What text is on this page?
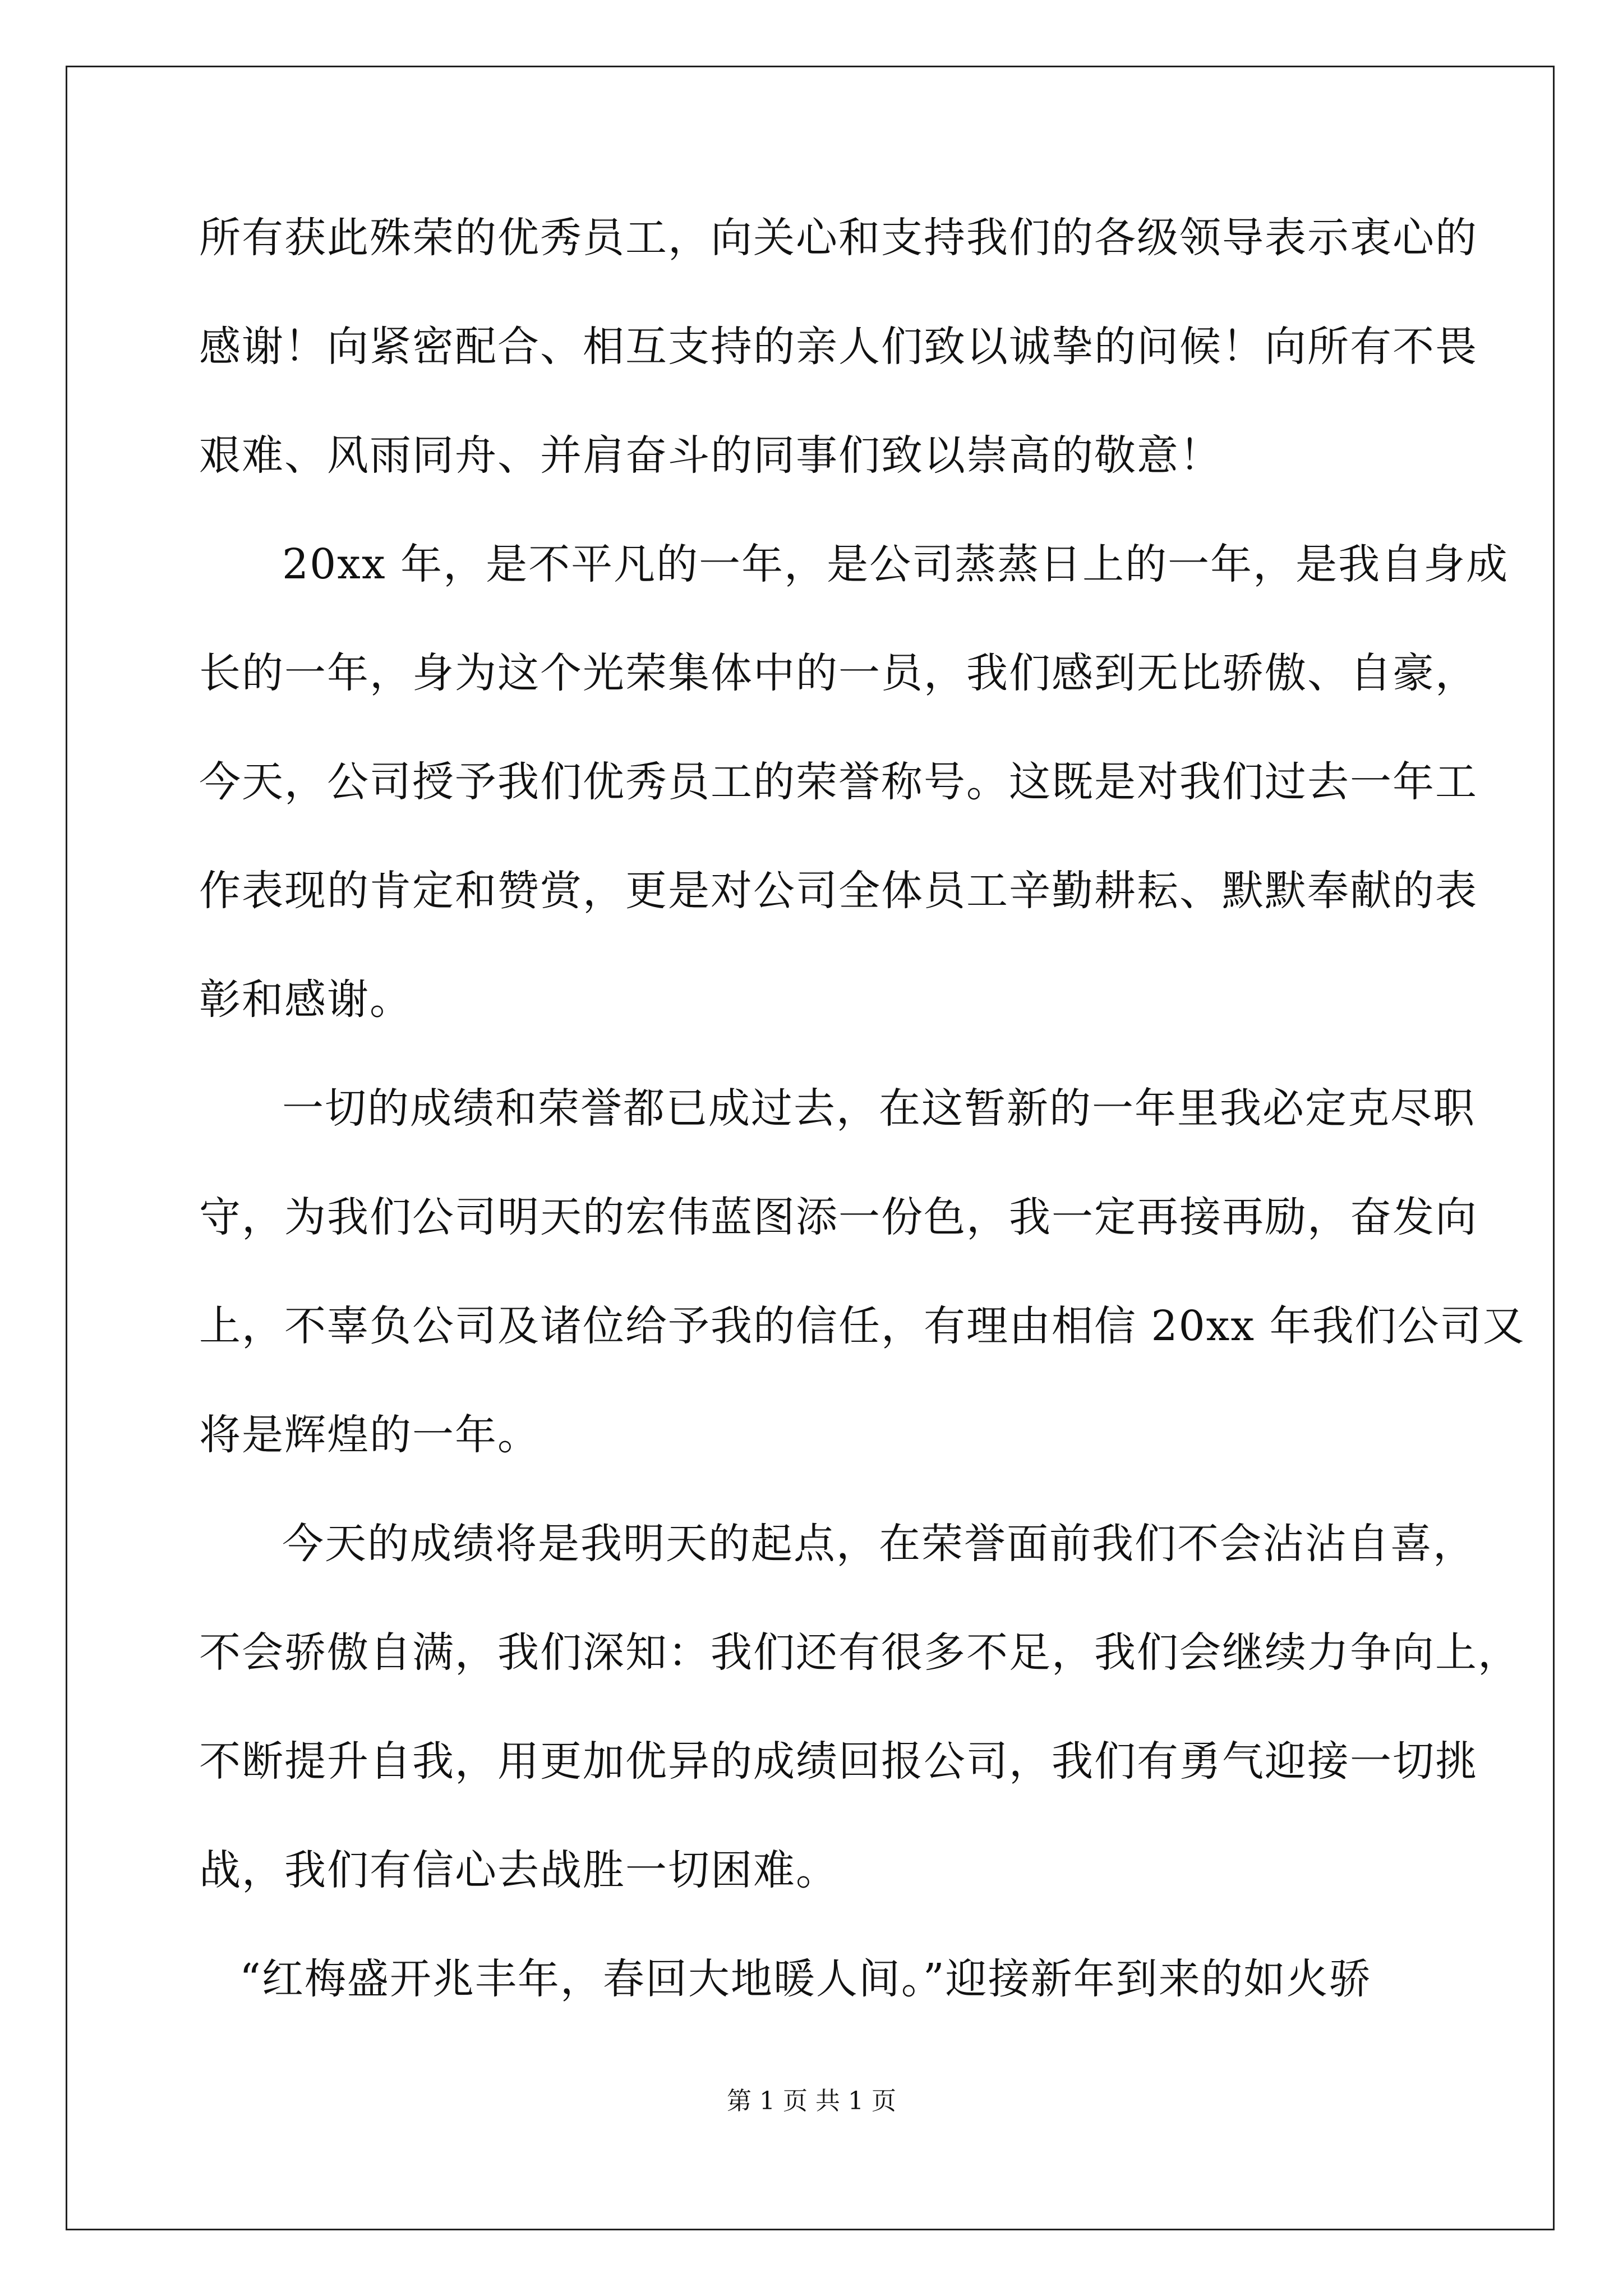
所有获此殊荣的优秀员工，向关心和支持我们的各级领导表示衷心的
感谢！向紧密配合、相互支持的亲人们致以诚挚的问候！向所有不畏
艰难、风雨同舟、并肩奋斗的同事们致以崇高的敬意！
20xx 年，是不平凡的一年，是公司蒸蒸日上的一年，是我自身成
长的一年，身为这个光荣集体中的一员，我们感到无比骄傲、自豪，
今天，公司授予我们优秀员工的荣誉称号。这既是对我们过去一年工
作表现的肯定和赞赏，更是对公司全体员工辛勤耕耘、默默奉献的表
彰和感谢。
一切的成绩和荣誉都已成过去，在这暂新的一年里我必定克尽职
守，为我们公司明天的宏伟蓝图添一份色，我一定再接再励，奋发向
上，不辜负公司及诸位给予我的信任，有理由相信 20xx 年我们公司又
将是辉煌的一年。
今天的成绩将是我明天的起点，在荣誉面前我们不会沾沾自喜，
不会骄傲自满，我们深知：我们还有很多不足，我们会继续力争向上，
不断提升自我，用更加优异的成绩回报公司，我们有勇气迎接一切挑
战，我们有信心去战胜一切困难。
“红梅盛开兆丰年，春回大地暖人间。”迎接新年到来的如火骄
第 1 页 共 1 页
